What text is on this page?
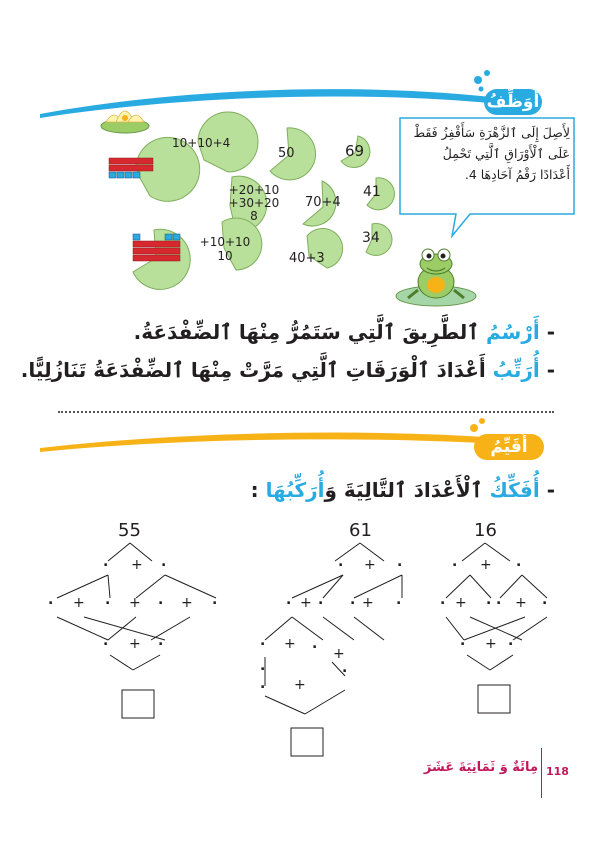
أُوَظِّفُ
أُقَيِّمُ
10+10+4
50	69
+20+10
+30+20
8
70+4
41
+10+10
10	40+3
34
لِأَصِلَ إِلَى ٱلزَّهْرَةِ سَأَقْفِزُ فَقَطْ
عَلَى ٱلْأَوْرَاقِ ٱلَّتِي تَحْمِلُ
أَعْدَادًا رَقْمُ آحَادِهَا 4.
- أَرْسُمُ ٱلطَّرِيقَ ٱلَّتِي سَتَمُرُّ مِنْهَا ٱلضِّفْدَعَةُ.
- أُرَتِّبُ أَعْدَادَ ٱلْوَرَقَاتِ ٱلَّتِي مَرَّتْ مِنْهَا ٱلضِّفْدَعَةُ تَنَازُلِيًّا.
- أُفَكِّكُ ٱلْأَعْدَادَ ٱلتَّالِيَةَ وَأُرَكِّبُهَا :
55	61	16
+
+	+	+
+
+
+	+
+
+
+
+
+	+
+
.	.
.	.	.	.
.	.
.	.
. . .	.
.	.
.	.
.
.	.
.	. .	.
.	.
118
مِائَةٌ وَ ثَمَانِيَةَ عَشَرَ
